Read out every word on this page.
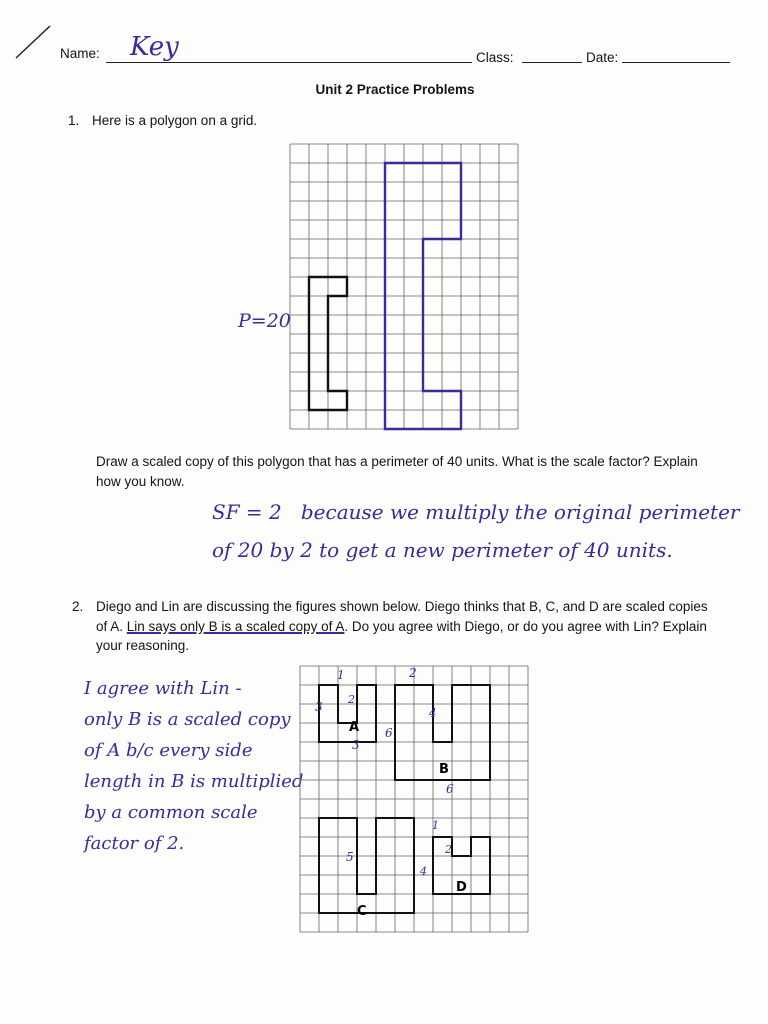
Name: Key	Class:	Date:
Unit 2 Practice Problems
1. Here is a polygon on a grid.
P=20
Draw a scaled copy of this polygon that has a perimeter of 40 units. What is the scale factor? Explain how you know.
SF = 2   because we multiply the original perimeter
of 20 by 2 to get a new perimeter of 40 units.
2. Diego and Lin are discussing the figures shown below. Diego thinks that B, C, and D are scaled copies of A. Lin says only B is a scaled copy of A. Do you agree with Diego, or do you agree with Lin? Explain your reasoning.
I agree with Lin -
only B is a scaled copy
of A b/c every side
length in B is multiplied
by a common scale
factor of 2.
A
B
C
D
1
2
3
3
6
2
4
6
5
1
2
4
